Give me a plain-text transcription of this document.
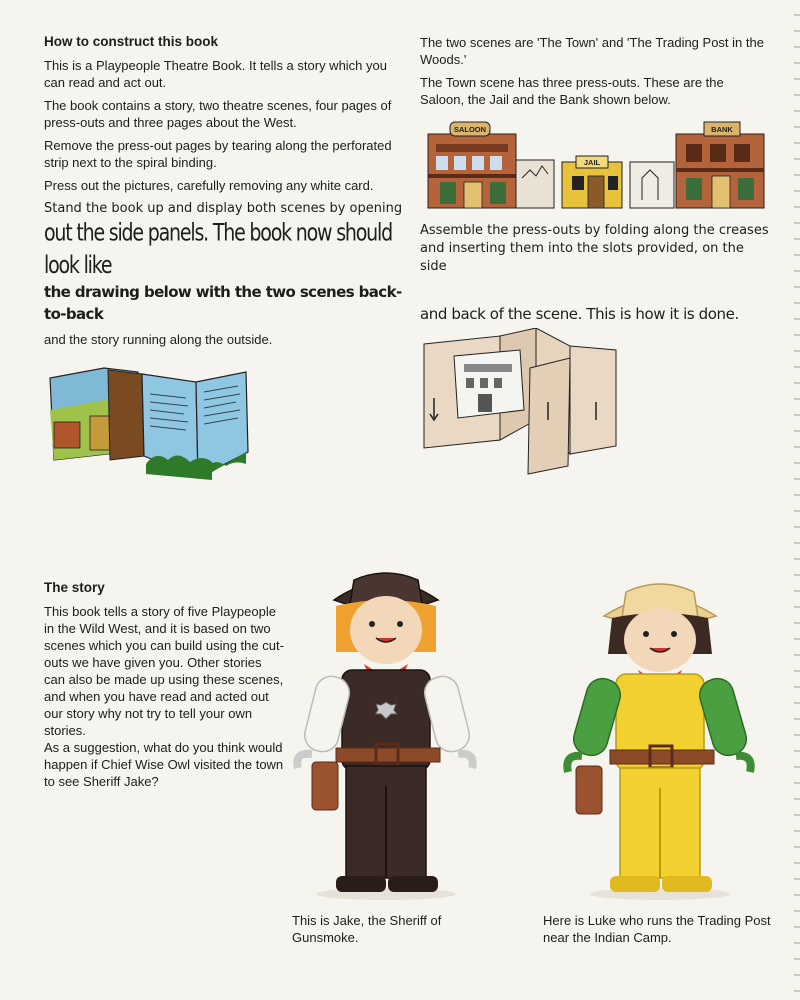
How to construct this book

This is a Playpeople Theatre Book. It tells a story which you can read and act out.

The book contains a story, two theatre scenes, four pages of press-outs and three pages about the West.

Remove the press-out pages by tearing along the perforated strip next to the spiral binding.

Press out the pictures, carefully removing any white card.

Stand the book up and display both scenes by opening

out the side panels. The book now should look like

the drawing below with the two scenes back-to-back

and the story running along the outside.

The two scenes are 'The Town' and 'The Trading Post in the Woods.'

The Town scene has three press-outs. These are the Saloon, the Jail and the Bank shown below.

SALOON
JAIL
BANK

Assemble the press-outs by folding along the creases and inserting them into the slots provided, on the side

and back of the scene. This is how it is done.

The story

This book tells a story of five Playpeople in the Wild West, and it is based on two scenes which you can build using the cut-outs we have given you. Other stories can also be made up using these scenes, and when you have read and acted out our story why not try to tell your own stories.

As a suggestion, what do you think would happen if Chief Wise Owl visited the town to see Sheriff Jake?

This is Jake, the Sheriff of Gunsmoke.
Here is Luke who runs the Trading Post near the Indian Camp.
